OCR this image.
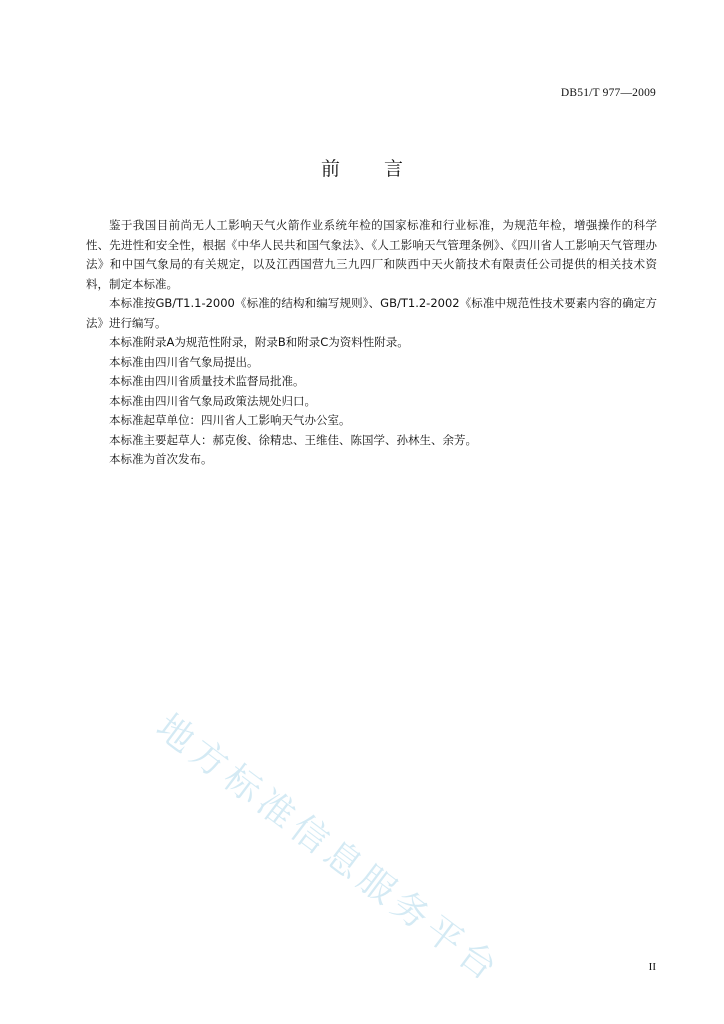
DB51/T 977—2009
前言

鉴于我国目前尚无人工影响天气火箭作业系统年检的国家标准和行业标准，为规范年检，增强操作的科学性、先进性和安全性，根据《中华人民共和国气象法》、《人工影响天气管理条例》、《四川省人工影响天气管理办法》和中国气象局的有关规定，以及江西国营九三九四厂和陕西中天火箭技术有限责任公司提供的相关技术资料，制定本标准。

本标准按GB/T1.1-2000《标准的结构和编写规则》、GB/T1.2-2002《标准中规范性技术要素内容的确定方法》进行编写。

本标准附录A为规范性附录，附录B和附录C为资料性附录。

本标准由四川省气象局提出。

本标准由四川省质量技术监督局批准。

本标准由四川省气象局政策法规处归口。

本标准起草单位：四川省人工影响天气办公室。

本标准主要起草人：郝克俊、徐精忠、王维佳、陈国学、孙林生、余芳。

本标准为首次发布。

地方标准信息服务平台	II
